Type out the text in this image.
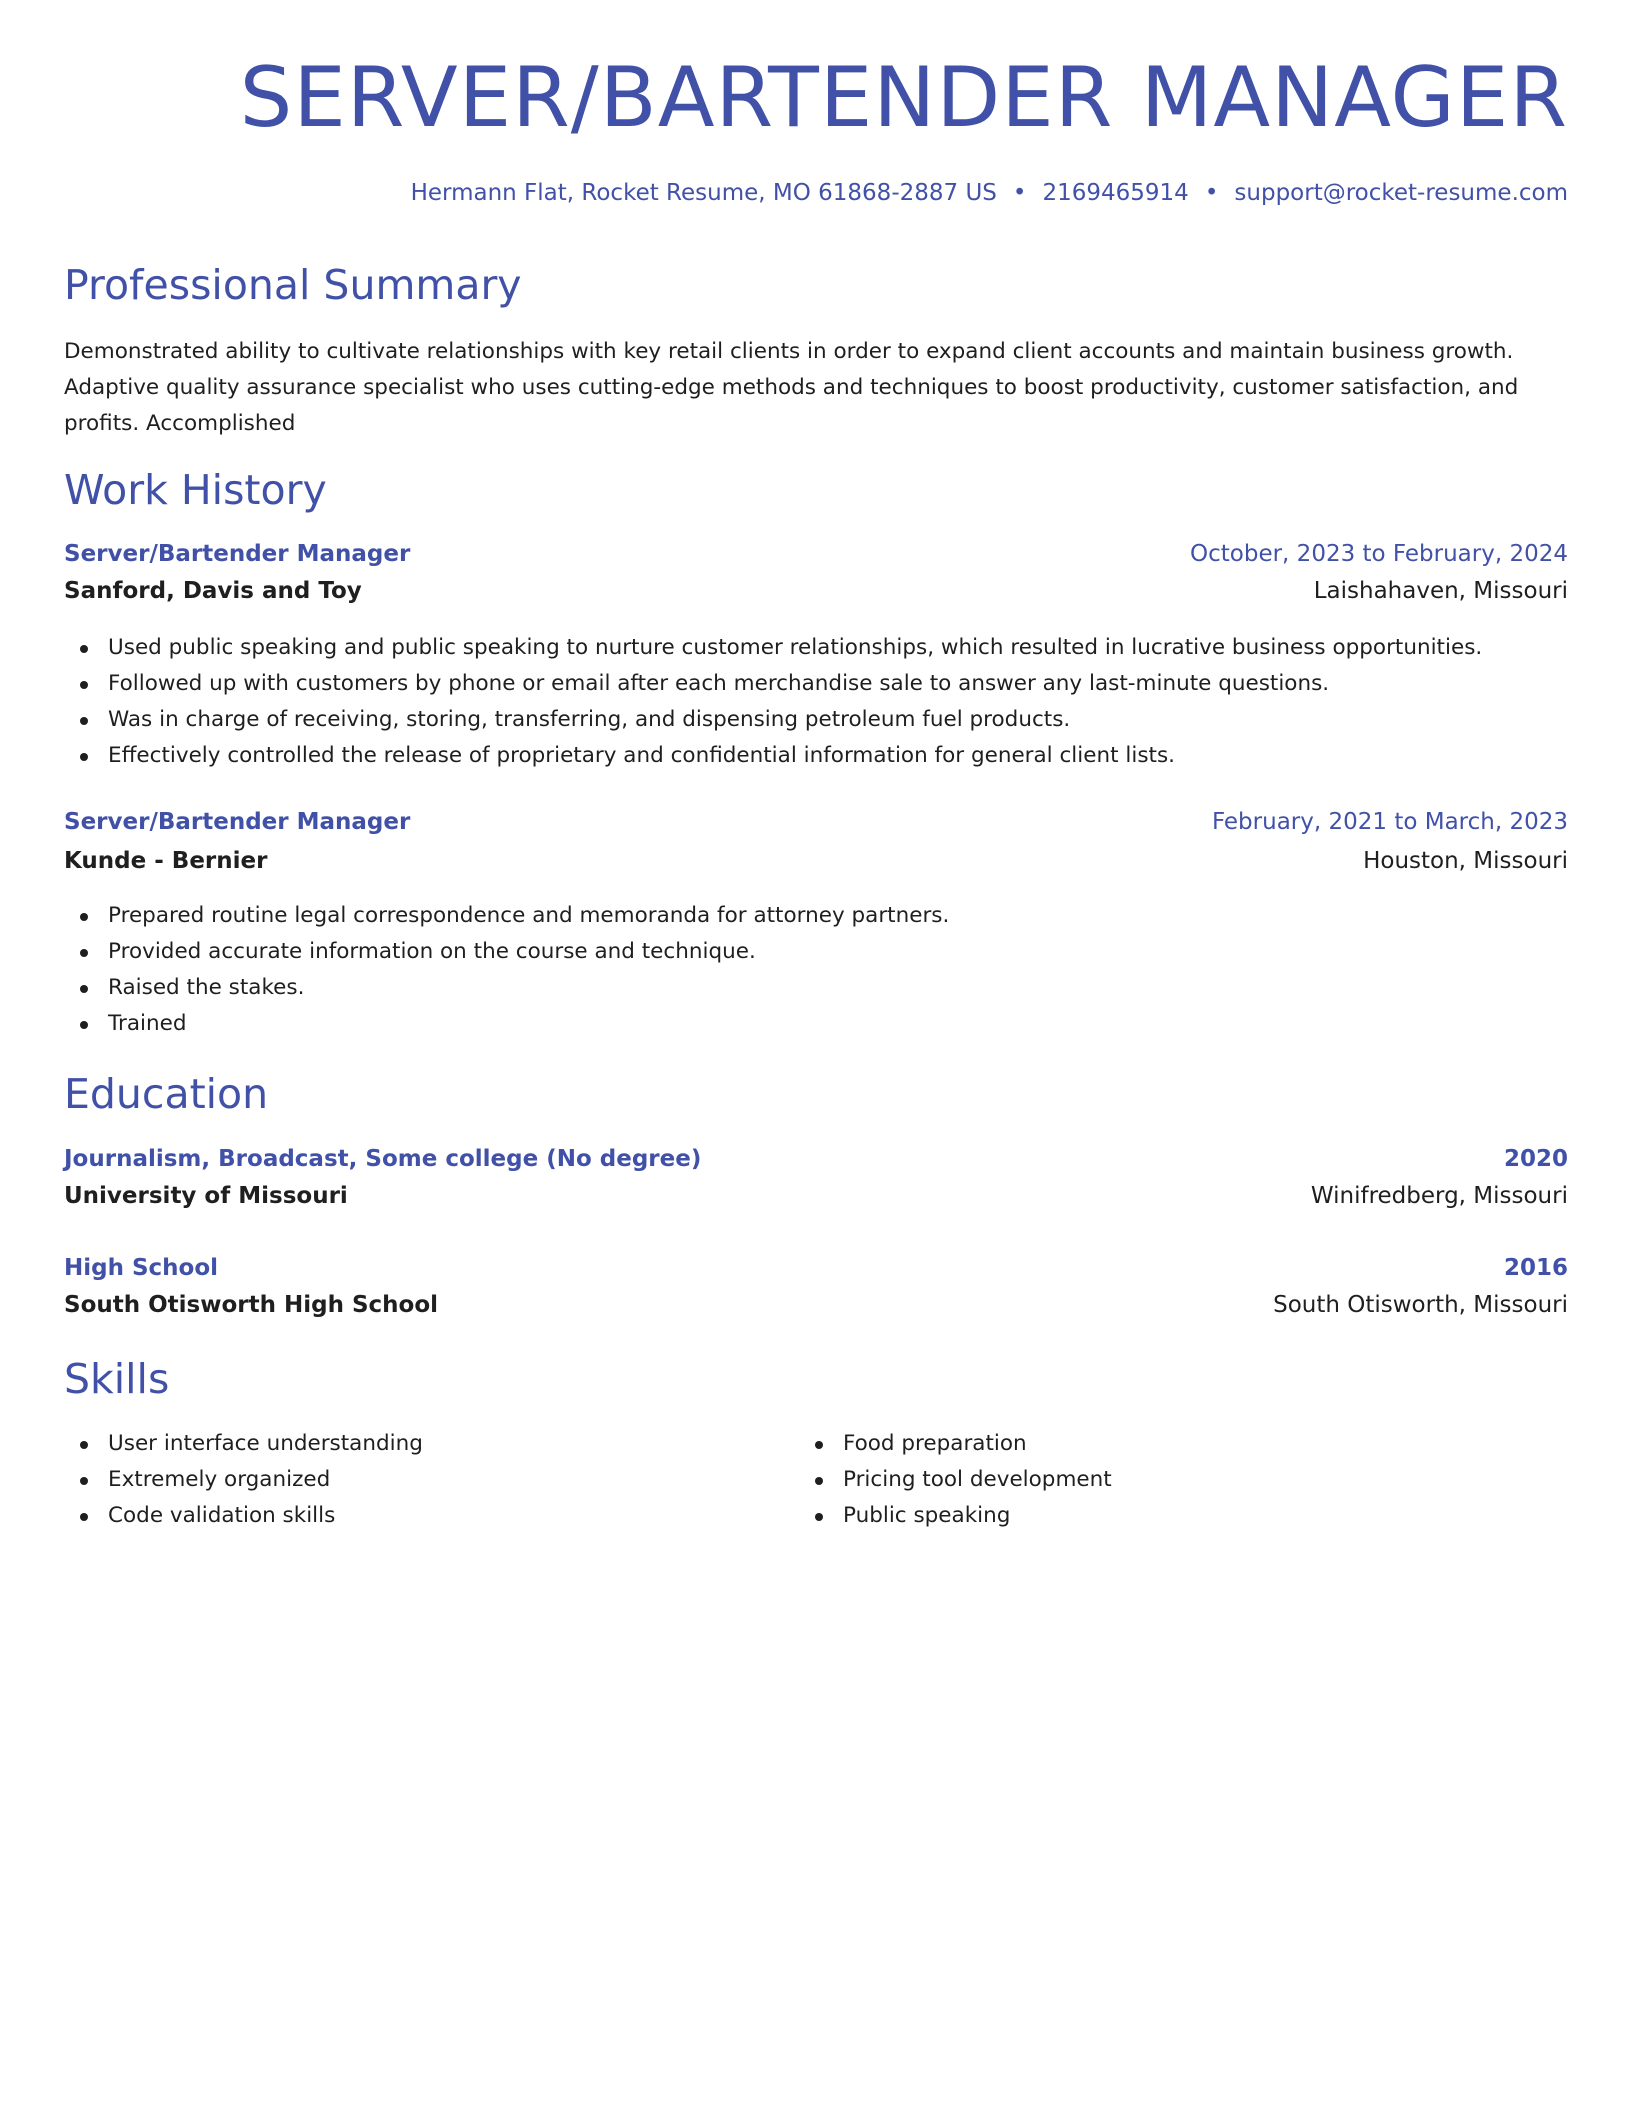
SERVER/BARTENDER MANAGER
Hermann Flat, Rocket Resume, MO 61868-2887 US • 2169465914 • support@rocket-resume.com
Professional Summary

Demonstrated ability to cultivate relationships with key retail clients in order to expand client accounts and maintain business growth. Adaptive quality assurance specialist who uses cutting-edge methods and techniques to boost productivity, customer satisfaction, and profits. Accomplished

Work History
Server/Bartender Manager	October, 2023 to February, 2024
Sanford, Davis and Toy	Laishahaven, Missouri
Used public speaking and public speaking to nurture customer relationships, which resulted in lucrative business opportunities.
Followed up with customers by phone or email after each merchandise sale to answer any last-minute questions.
Was in charge of receiving, storing, transferring, and dispensing petroleum fuel products.
Effectively controlled the release of proprietary and confidential information for general client lists.
Server/Bartender Manager	February, 2021 to March, 2023
Kunde - Bernier	Houston, Missouri
Prepared routine legal correspondence and memoranda for attorney partners.
Provided accurate information on the course and technique.
Raised the stakes.
Trained
Education
Journalism, Broadcast, Some college (No degree)	2020
University of Missouri	Winifredberg, Missouri
High School	2016
South Otisworth High School	South Otisworth, Missouri
Skills
User interface understanding
Extremely organized
Code validation skills
Food preparation
Pricing tool development
Public speaking
